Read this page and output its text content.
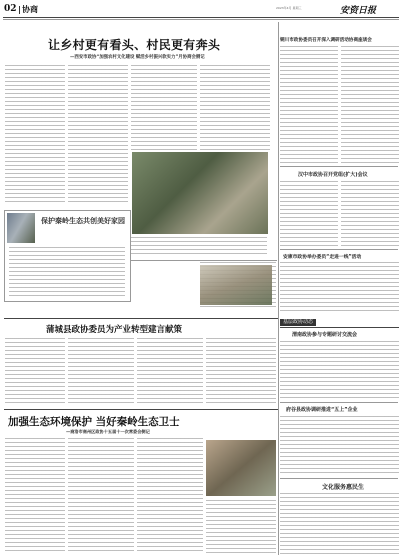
02 协商	2023年4月 星期三	安资日报
让乡村更有看头、村民更有奔头
—西安市政协“加强农村文化建设 赋活乡村振兴软实力”月协商会侧记
保护秦岭生态共创美好家园
铜川市政协委员召开深入调研活动协商座谈会
汉中市政协召开党组(扩大)会议
安康市政协举办委员“走进一线”活动
蒲城县政协委员为产业转型建言献策
加强生态环境保护 当好秦岭生态卫士
—商洛市商州区政协十五届十一次常委会侧记
基层政协动态
渭南政协参与专题研讨交流会
府谷县政协调研推进“五上”企业
文化服务惠民生
